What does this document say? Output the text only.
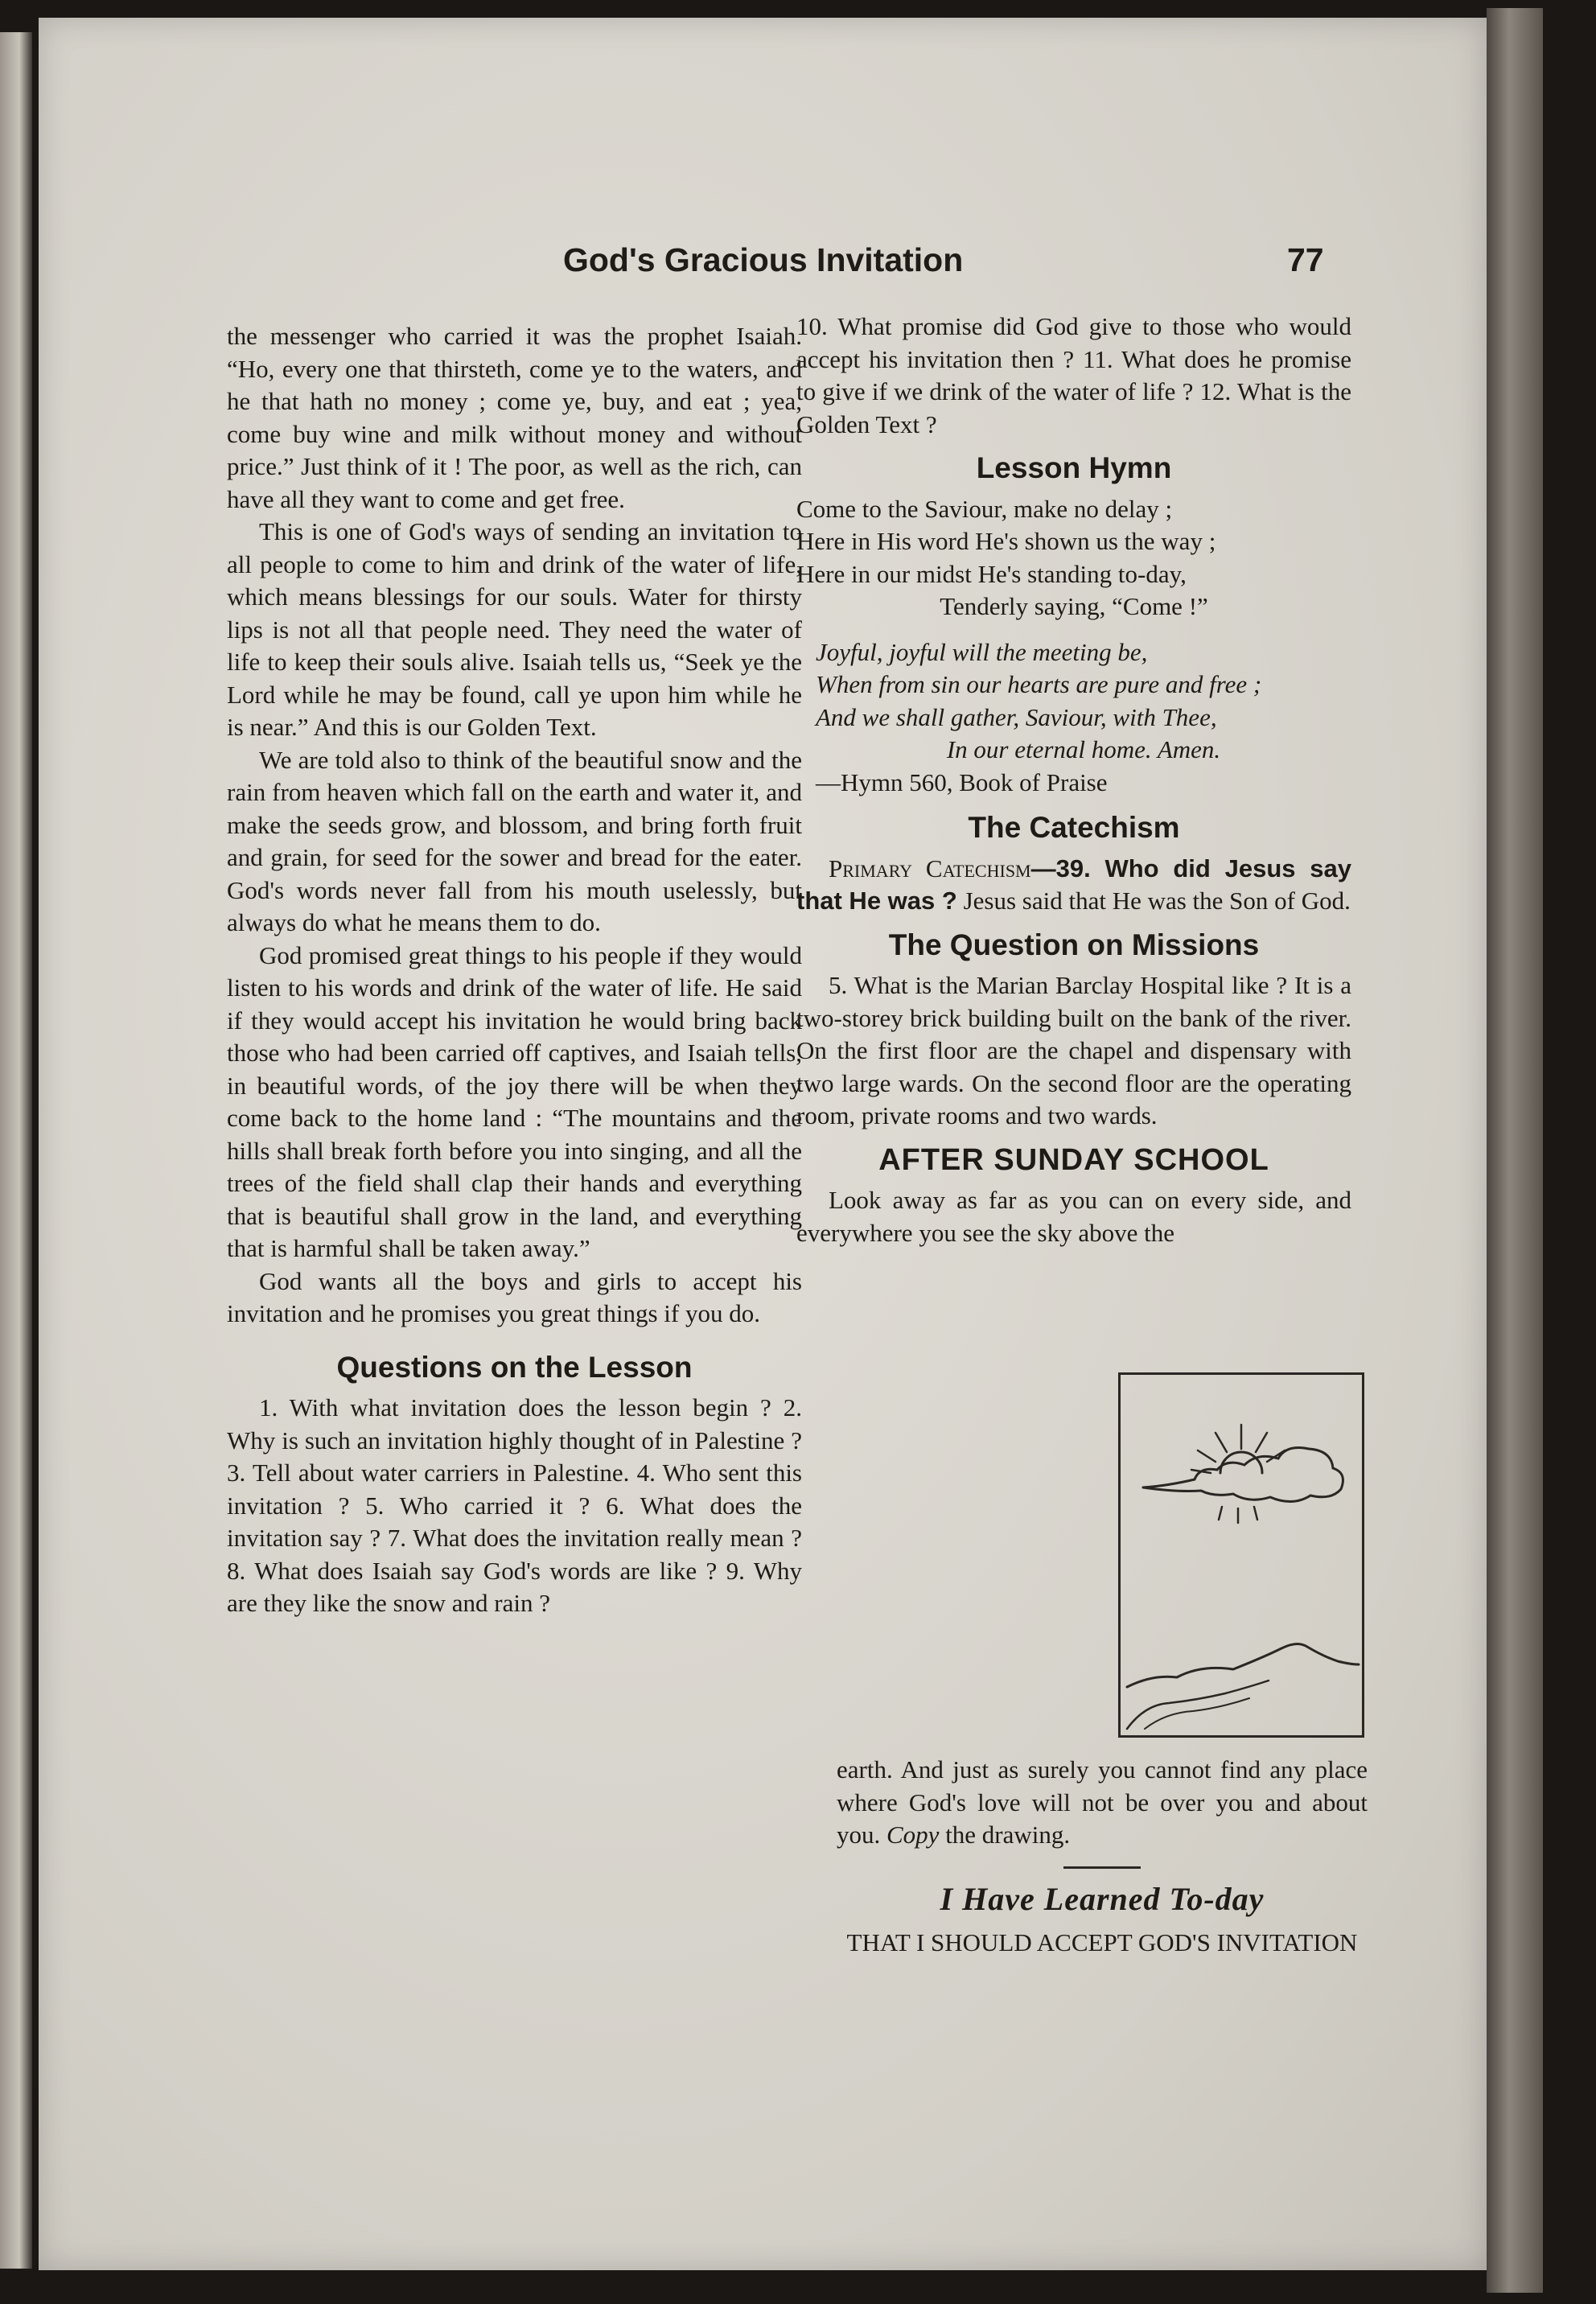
God's Gracious Invitation	77

the messenger who carried it was the prophet Isaiah. “Ho, every one that thirsteth, come ye to the waters, and he that hath no money ; come ye, buy, and eat ; yea, come buy wine and milk without money and without price.” Just think of it ! The poor, as well as the rich, can have all they want to come and get free.

This is one of God's ways of sending an invitation to all people to come to him and drink of the water of life, which means blessings for our souls. Water for thirsty lips is not all that people need. They need the water of life to keep their souls alive. Isaiah tells us, “Seek ye the Lord while he may be found, call ye upon him while he is near.” And this is our Golden Text.

We are told also to think of the beautiful snow and the rain from heaven which fall on the earth and water it, and make the seeds grow, and blossom, and bring forth fruit and grain, for seed for the sower and bread for the eater. God's words never fall from his mouth uselessly, but always do what he means them to do.

God promised great things to his people if they would listen to his words and drink of the water of life. He said if they would accept his invitation he would bring back those who had been carried off captives, and Isaiah tells, in beautiful words, of the joy there will be when they come back to the home land : “The mountains and the hills shall break forth before you into singing, and all the trees of the field shall clap their hands and everything that is beautiful shall grow in the land, and everything that is harmful shall be taken away.”

God wants all the boys and girls to accept his invitation and he promises you great things if you do.

Questions on the Lesson

1. With what invitation does the lesson begin ? 2. Why is such an invitation highly thought of in Palestine ? 3. Tell about water carriers in Palestine. 4. Who sent this invitation ? 5. Who carried it ? 6. What does the invitation say ? 7. What does the invitation really mean ? 8. What does Isaiah say God's words are like ? 9. Why are they like the snow and rain ?

10. What promise did God give to those who would accept his invitation then ? 11. What does he promise to give if we drink of the water of life ? 12. What is the Golden Text ?

Lesson Hymn

Come to the Saviour, make no delay ;

Here in His word He's shown us the way ;

Here in our midst He's standing to-day,

Tenderly saying, “Come !”

Joyful, joyful will the meeting be,

When from sin our hearts are pure and free ;

And we shall gather, Saviour, with Thee,

In our eternal home. Amen.

—Hymn 560, Book of Praise

The Catechism

Primary Catechism—39. Who did Jesus say that He was ? Jesus said that He was the Son of God.

The Question on Missions

5. What is the Marian Barclay Hospital like ? It is a two-storey brick building built on the bank of the river. On the first floor are the chapel and dispensary with two large wards. On the second floor are the operating room, private rooms and two wards.

AFTER SUNDAY SCHOOL

Look away as far as you can on every side, and everywhere you see the sky above the

earth. And just as surely you cannot find any place where God's love will not be over you and about you. Copy the drawing.

I Have Learned To-day
THAT I SHOULD ACCEPT GOD'S INVITATION
